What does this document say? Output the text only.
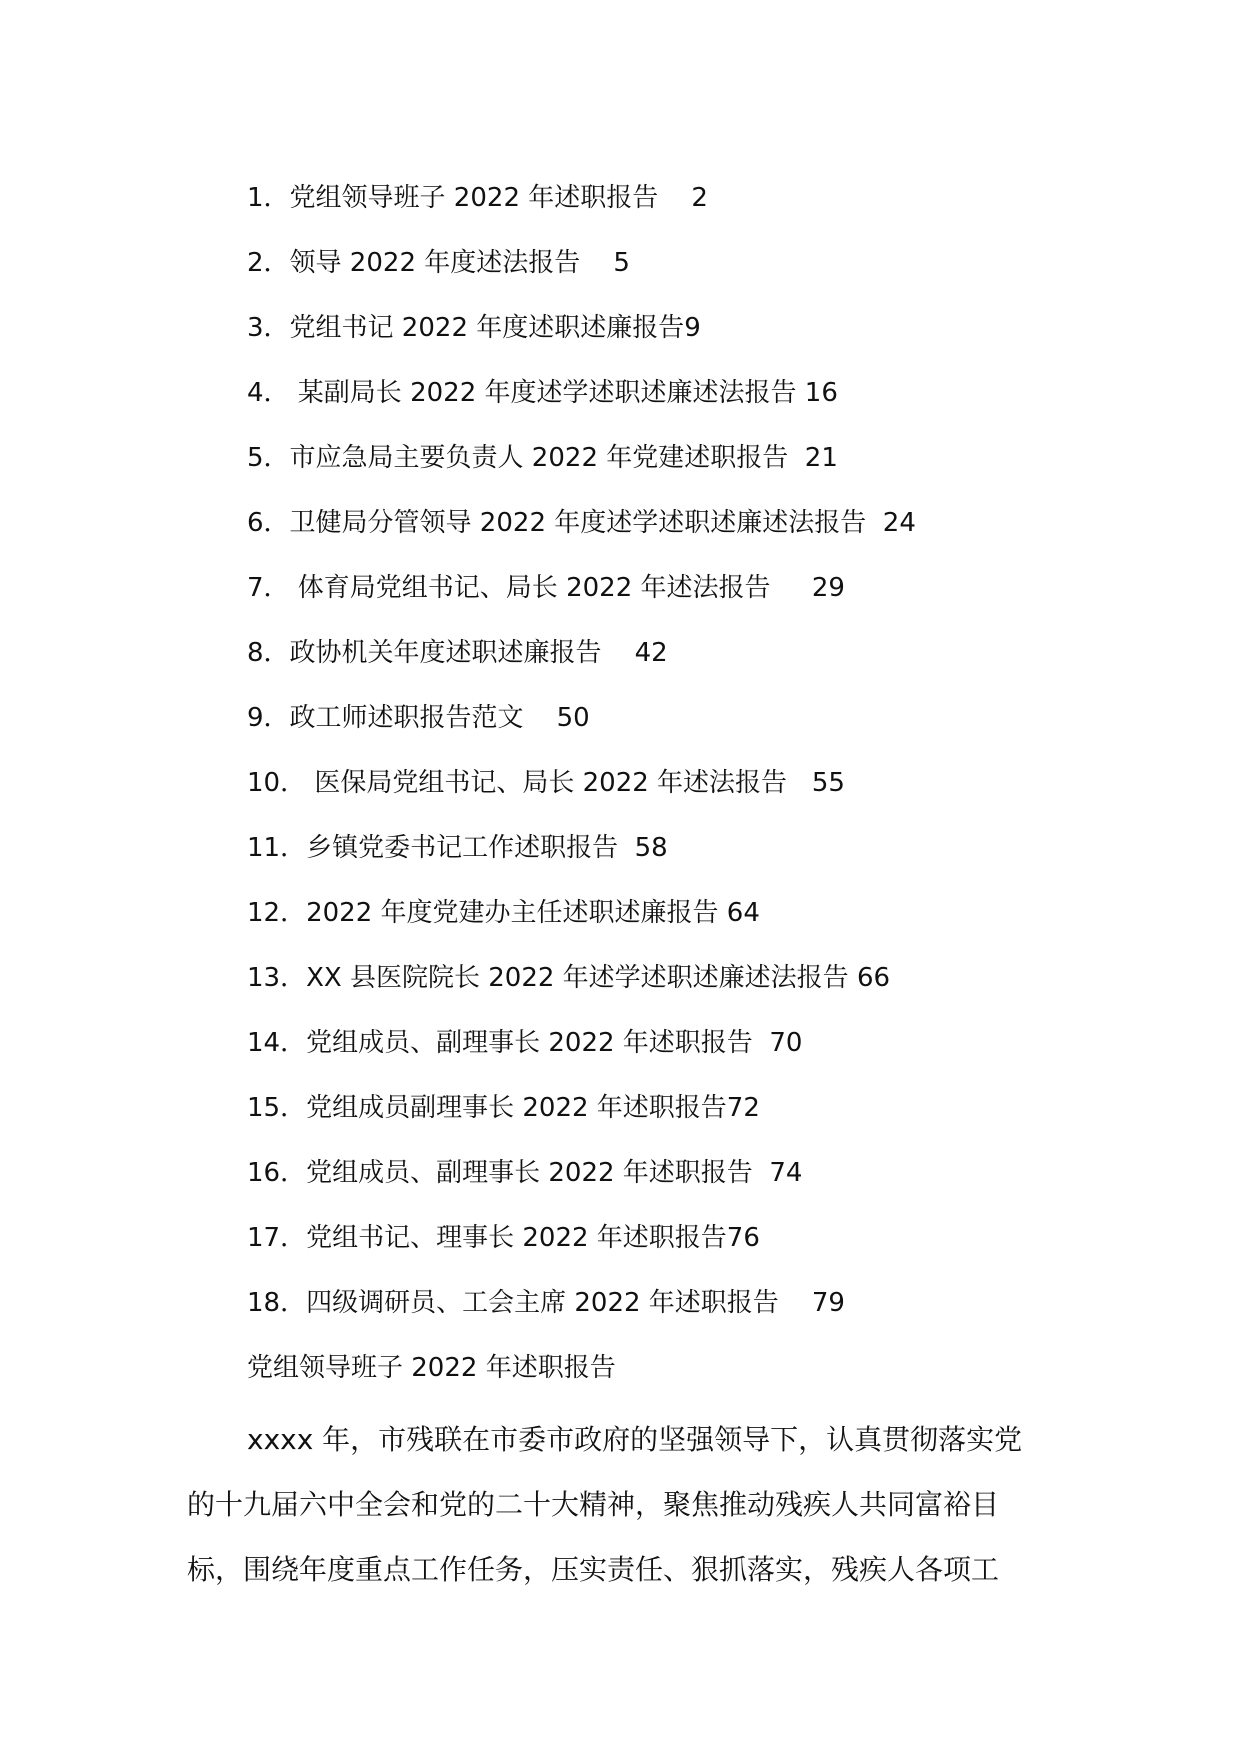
1．党组领导班子 2022 年述职报告 2
2．领导 2022 年度述法报告 5
3．党组书记 2022 年度述职述廉报告9
4． 某副局长 2022 年度述学述职述廉述法报告 16
5．市应急局主要负责人 2022 年党建述职报告 21
6．卫健局分管领导 2022 年度述学述职述廉述法报告 24
7． 体育局党组书记、局长 2022 年述法报告 29
8．政协机关年度述职述廉报告 42
9．政工师述职报告范文 50
10． 医保局党组书记、局长 2022 年述法报告 55
11．乡镇党委书记工作述职报告 58
12．2022 年度党建办主任述职述廉报告 64
13．XX 县医院院长 2022 年述学述职述廉述法报告 66
14．党组成员、副理事长 2022 年述职报告 70
15．党组成员副理事长 2022 年述职报告72
16．党组成员、副理事长 2022 年述职报告 74
17．党组书记、理事长 2022 年述职报告76
18．四级调研员、工会主席 2022 年述职报告 79
党组领导班子 2022 年述职报告

xxxx 年，市残联在市委市政府的坚强领导下，认真贯彻落实党
的十九届六中全会和党的二十大精神，聚焦推动残疾人共同富裕目
标，围绕年度重点工作任务，压实责任、狠抓落实，残疾人各项工
